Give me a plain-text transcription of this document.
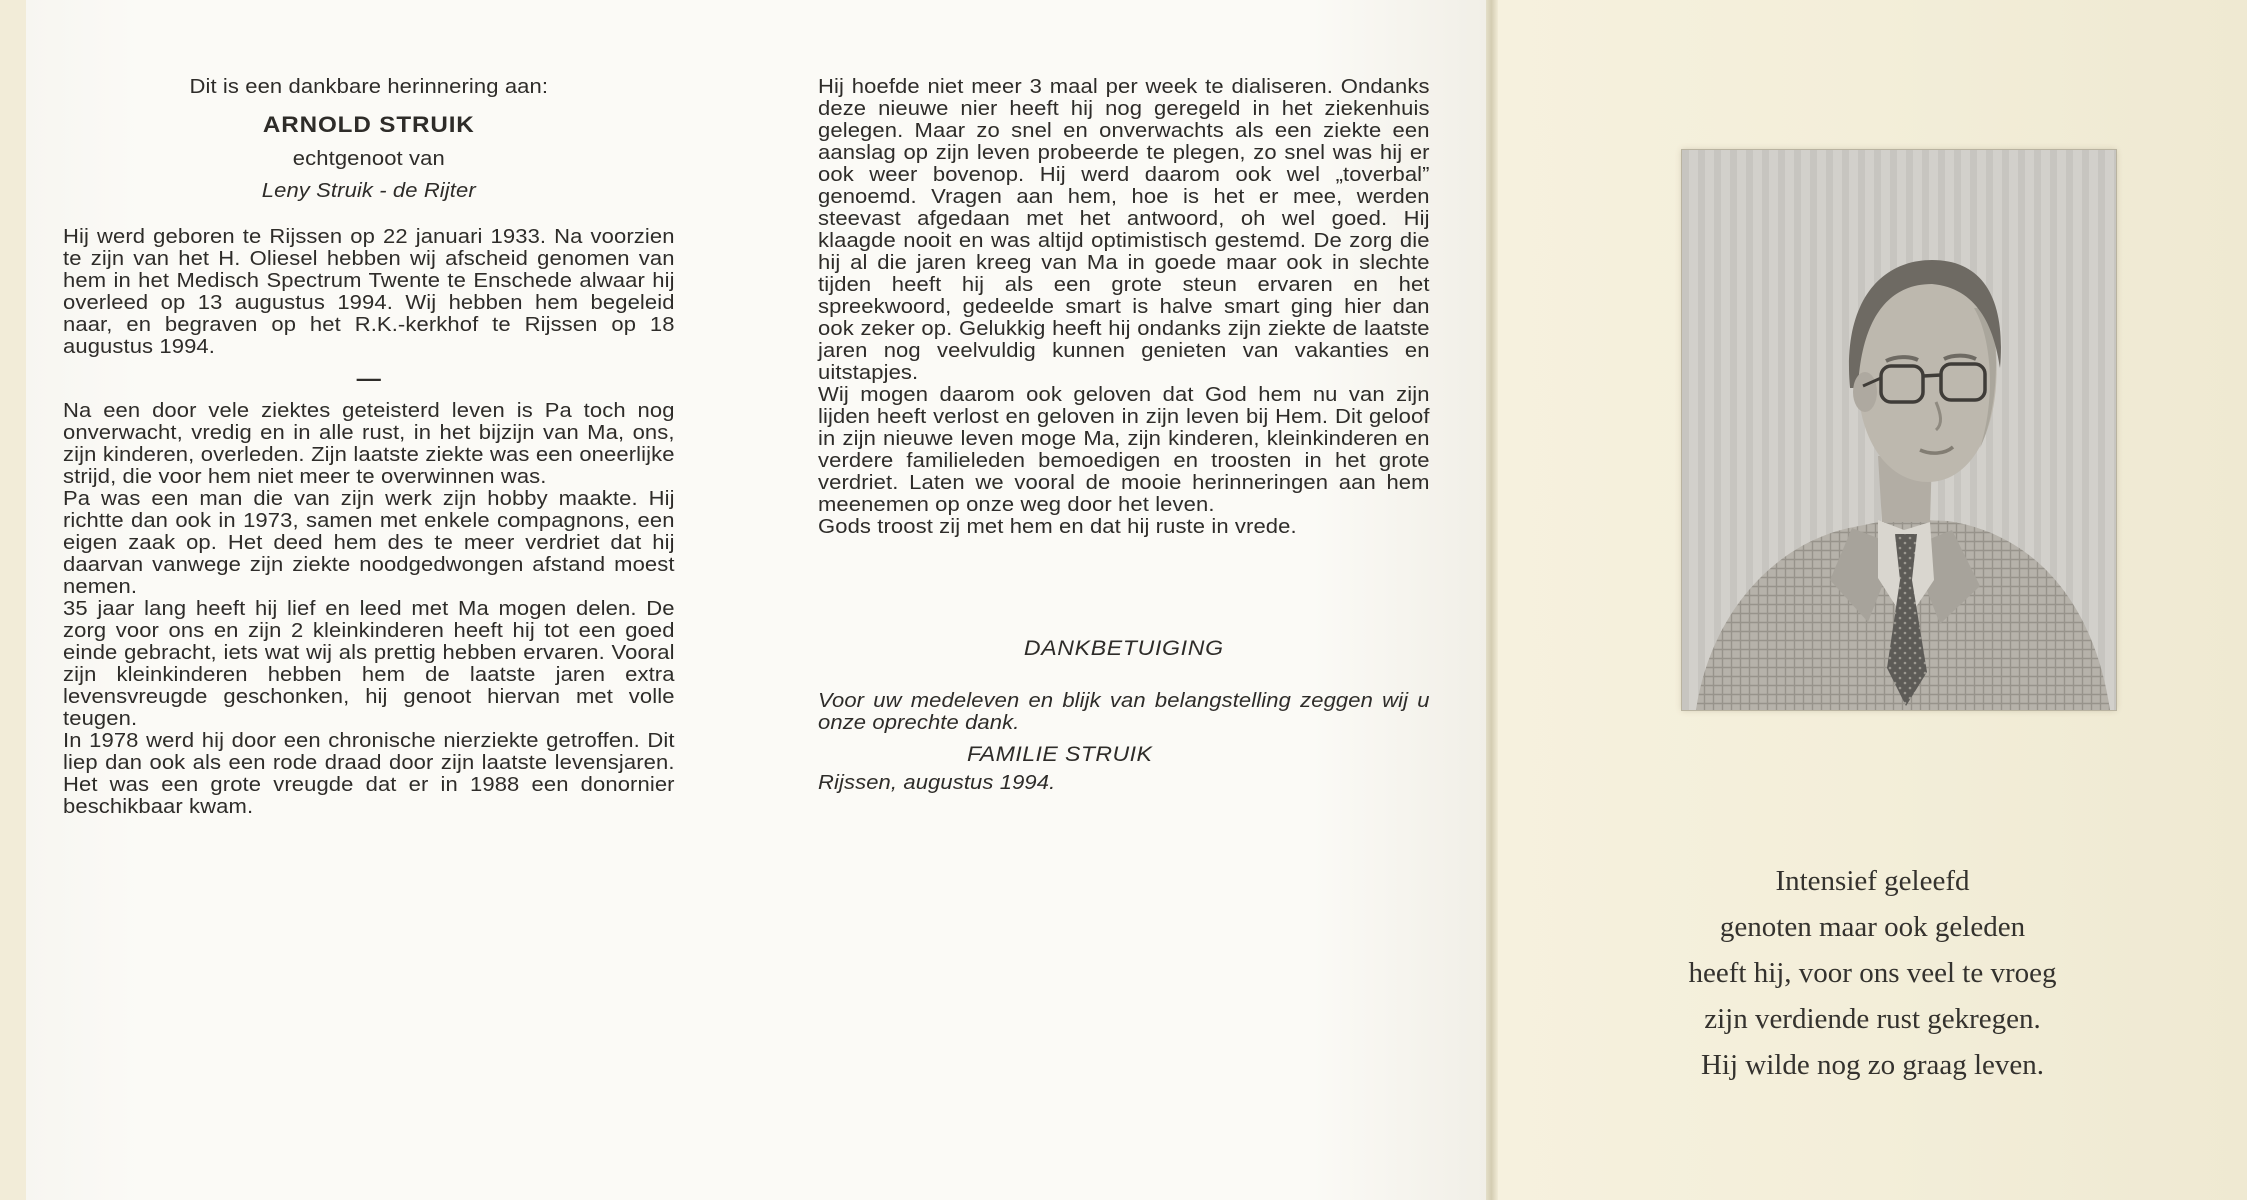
Dit is een dankbare herinnering aan:
ARNOLD STRUIK
echtgenoot van
Leny Struik - de Rijter

Hij werd geboren te Rijssen op 22 januari 1933. Na voorzien te zijn van het H. Oliesel hebben wij afscheid genomen van hem in het Medisch Spectrum Twente te Enschede alwaar hij overleed op 13 augustus 1994. Wij hebben hem begeleid naar, en begraven op het R.K.-kerkhof te Rijssen op 18 augustus 1994.

—

Na een door vele ziektes geteisterd leven is Pa toch nog onverwacht, vredig en in alle rust, in het bijzijn van Ma, ons, zijn kinderen, overleden. Zijn laatste ziekte was een oneerlijke strijd, die voor hem niet meer te overwinnen was.

Pa was een man die van zijn werk zijn hobby maakte. Hij richtte dan ook in 1973, samen met enkele compagnons, een eigen zaak op. Het deed hem des te meer verdriet dat hij daarvan vanwege zijn ziekte noodgedwongen afstand moest nemen.

35 jaar lang heeft hij lief en leed met Ma mogen delen. De zorg voor ons en zijn 2 kleinkinderen heeft hij tot een goed einde gebracht, iets wat wij als prettig hebben ervaren. Vooral zijn kleinkinderen hebben hem de laatste jaren extra levensvreugde geschonken, hij genoot hiervan met volle teugen.

In 1978 werd hij door een chronische nierziekte getroffen. Dit liep dan ook als een rode draad door zijn laatste levensjaren. Het was een grote vreugde dat er in 1988 een donornier beschikbaar kwam.

Hij hoefde niet meer 3 maal per week te dialiseren. Ondanks deze nieuwe nier heeft hij nog geregeld in het ziekenhuis gelegen. Maar zo snel en onverwachts als een ziekte een aanslag op zijn leven probeerde te plegen, zo snel was hij er ook weer bovenop. Hij werd daarom ook wel „toverbal” genoemd. Vragen aan hem, hoe is het er mee, werden steevast afgedaan met het antwoord, oh wel goed. Hij klaagde nooit en was altijd optimistisch gestemd. De zorg die hij al die jaren kreeg van Ma in goede maar ook in slechte tijden heeft hij als een grote steun ervaren en het spreekwoord, gedeelde smart is halve smart ging hier dan ook zeker op. Gelukkig heeft hij ondanks zijn ziekte de laatste jaren nog veelvuldig kunnen genieten van vakanties en uitstapjes.

Wij mogen daarom ook geloven dat God hem nu van zijn lijden heeft verlost en geloven in zijn leven bij Hem. Dit geloof in zijn nieuwe leven moge Ma, zijn kinderen, kleinkinderen en verdere familieleden bemoedigen en troosten in het grote verdriet. Laten we vooral de mooie herinneringen aan hem meenemen op onze weg door het leven.

Gods troost zij met hem en dat hij ruste in vrede.

DANKBETUIGING

Voor uw medeleven en blijk van belangstelling zeggen wij u onze oprechte dank.

FAMILIE STRUIK
Rijssen, augustus 1994.
Intensief geleefd
genoten maar ook geleden
heeft hij, voor ons veel te vroeg
zijn verdiende rust gekregen.
Hij wilde nog zo graag leven.
